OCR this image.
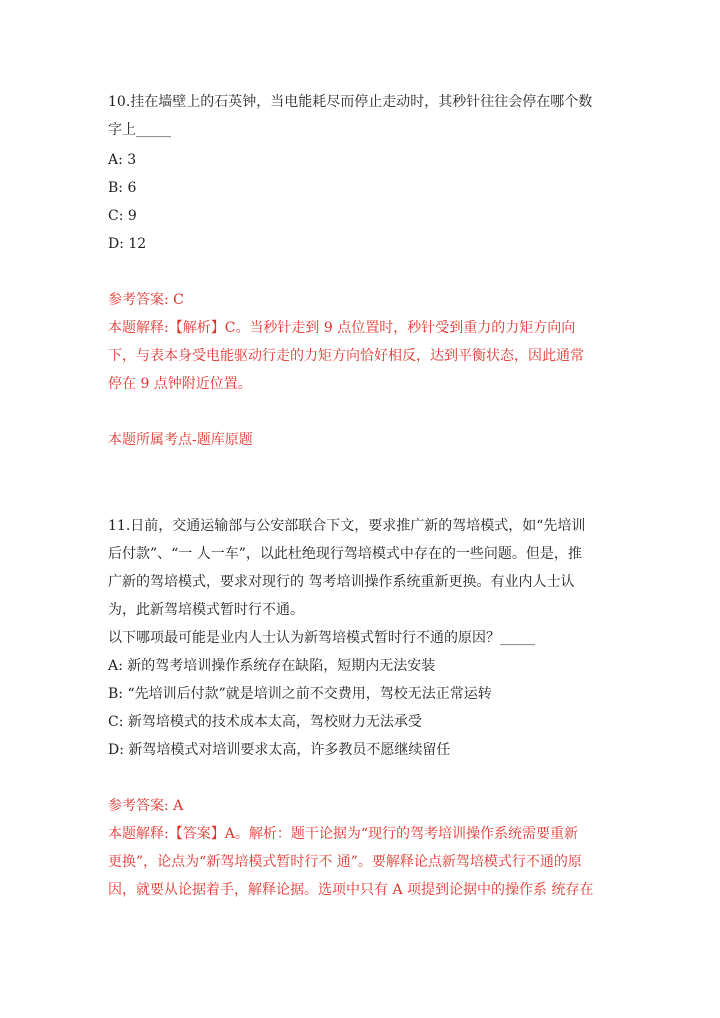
10.挂在墙壁上的石英钟，当电能耗尽而停止走动时，其秒针往往会停在哪个数
字上_____
A: 3
B: 6
C: 9
D: 12
参考答案: C
本题解释:【解析】C。当秒针走到 9 点位置时，秒针受到重力的力矩方向向
下，与表本身受电能驱动行走的力矩方向恰好相反，达到平衡状态，因此通常
停在 9 点钟附近位置。
本题所属考点-题库原题
11.日前，交通运输部与公安部联合下文，要求推广新的驾培模式，如“先培训
后付款”、“一 人一车”，以此杜绝现行驾培模式中存在的一些问题。但是，推
广新的驾培模式，要求对现行的 驾考培训操作系统重新更换。有业内人士认
为，此新驾培模式暂时行不通。
以下哪项最可能是业内人士认为新驾培模式暂时行不通的原因？_____
A: 新的驾考培训操作系统存在缺陷，短期内无法安装
B: “先培训后付款”就是培训之前不交费用，驾校无法正常运转
C: 新驾培模式的技术成本太高，驾校财力无法承受
D: 新驾培模式对培训要求太高，许多教员不愿继续留任
参考答案: A
本题解释:【答案】A。解析：题干论据为“现行的驾考培训操作系统需要重新
更换”，论点为“新驾培模式暂时行不 通”。要解释论点新驾培模式行不通的原
因，就要从论据着手，解释论据。选项中只有 A 项提到论据中的操作系 统存在
